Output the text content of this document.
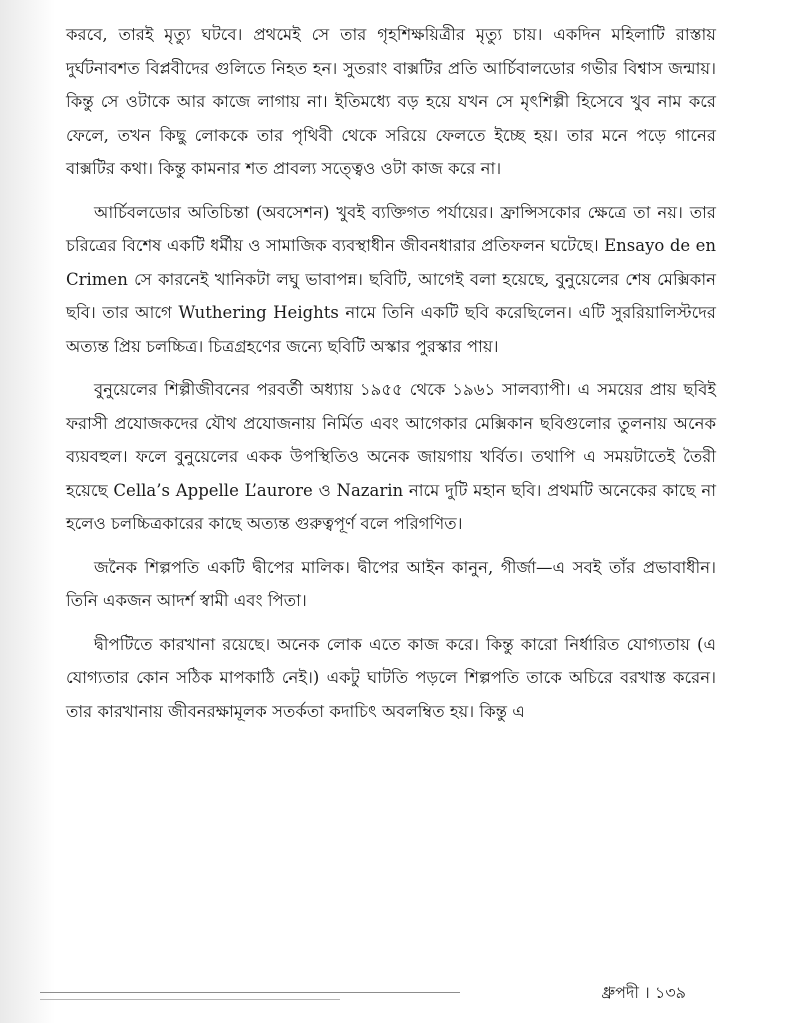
করবে, তারই মৃত্যু ঘটবে। প্রথমেই সে তার গৃহশিক্ষয়িত্রীর মৃত্যু চায়। একদিন মহিলাটি রাস্তায় দুর্ঘটনাবশত বিপ্লবীদের গুলিতে নিহত হন। সুতরাং বাক্সটির প্রতি আর্চিবালডোর গভীর বিশ্বাস জন্মায়। কিন্তু সে ওটাকে আর কাজে লাগায় না। ইতিমধ্যে বড় হয়ে যখন সে মৃৎশিল্পী হিসেবে খুব নাম করে ফেলে, তখন কিছু লোককে তার পৃথিবী থেকে সরিয়ে ফেলতে ইচ্ছে হয়। তার মনে পড়ে গানের বাক্সটির কথা। কিন্তু কামনার শত প্রাবল্য সত্ত্বেও ওটা কাজ করে না।

আর্চিবলডোর অতিচিন্তা (অবসেশন) খুবই ব্যক্তিগত পর্যায়ের। ফ্রান্সিসকোর ক্ষেত্রে তা নয়। তার চরিত্রের বিশেষ একটি ধর্মীয় ও সামাজিক ব্যবস্থাধীন জীবনধারার প্রতিফলন ঘটেছে। Ensayo de en Crimen সে কারনেই খানিকটা লঘু ভাবাপন্ন। ছবিটি, আগেই বলা হয়েছে, বুনুয়েলের শেষ মেক্সিকান ছবি। তার আগে Wuthering Heights নামে তিনি একটি ছবি করেছিলেন। এটি সুররিয়ালিস্টদের অত্যন্ত প্রিয় চলচ্চিত্র। চিত্রগ্রহণের জন্যে ছবিটি অস্কার পুরস্কার পায়।

বুনুয়েলের শিল্পীজীবনের পরবর্তী অধ্যায় ১৯৫৫ থেকে ১৯৬১ সালব্যাপী। এ সময়ের প্রায় ছবিই ফরাসী প্রযোজকদের যৌথ প্রযোজনায় নির্মিত এবং আগেকার মেক্সিকান ছবিগুলোর তুলনায় অনেক ব্যয়বহুল। ফলে বুনুয়েলের একক উপস্থিতিও অনেক জায়গায় খর্বিত। তথাপি এ সময়টাতেই তৈরী হয়েছে Cella’s Appelle L’aurore ও Nazarin নামে দুটি মহান ছবি। প্রথমটি অনেকের কাছে না হলেও চলচ্চিত্রকারের কাছে অত্যন্ত গুরুত্বপূর্ণ বলে পরিগণিত।

জনৈক শিল্পপতি একটি দ্বীপের মালিক। দ্বীপের আইন কানুন, গীর্জা—এ সবই তাঁর প্রভাবাধীন। তিনি একজন আদর্শ স্বামী এবং পিতা।

দ্বীপটিতে কারখানা রয়েছে। অনেক লোক এতে কাজ করে। কিন্তু কারো নির্ধারিত যোগ্যতায় (এ যোগ্যতার কোন সঠিক মাপকাঠি নেই।) একটু ঘাটতি পড়লে শিল্পপতি তাকে অচিরে বরখাস্ত করেন। তার কারখানায় জীবনরক্ষামূলক সতর্কতা কদাচিৎ অবলম্বিত হয়। কিন্তু এ

ধ্রুপদী । ১৩৯
